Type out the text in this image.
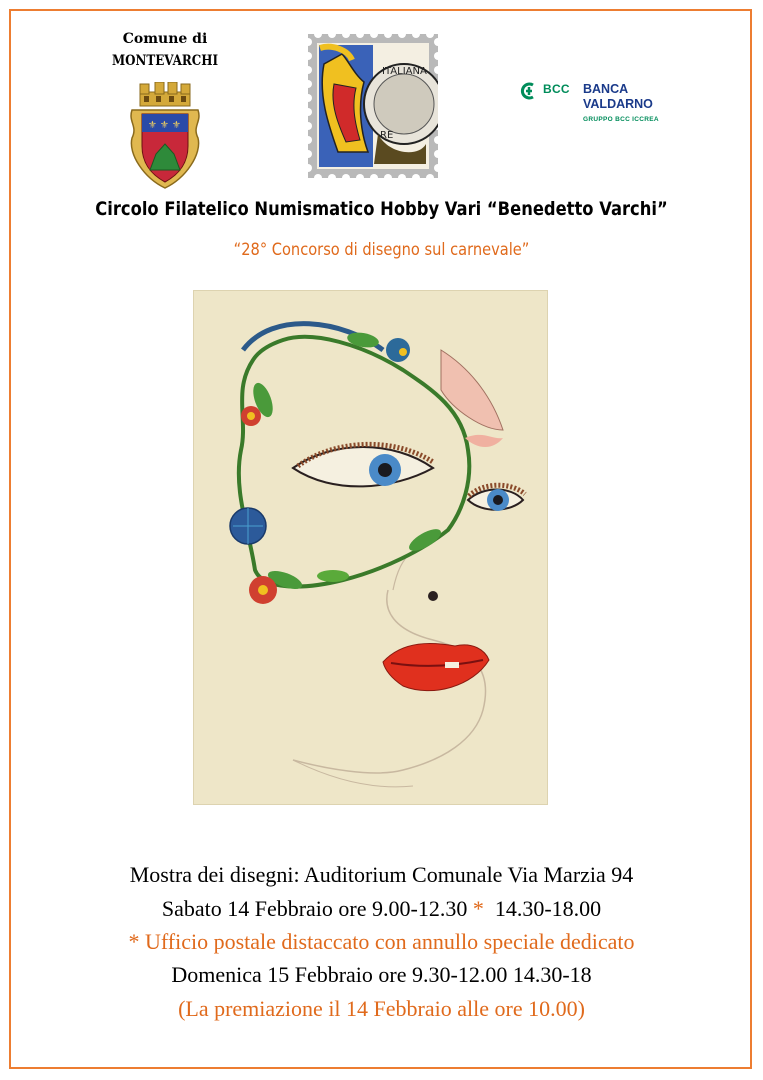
Comune di
MONTEVARCHI
⚜ ⚜ ⚜
ITALIANA
RE
BCC BANCA
VALDARNO
GRUPPO BCC ICCREA
Circolo Filatelico Numismatico Hobby Vari “Benedetto Varchi”
“28° Concorso di disegno sul carnevale”
Mostra dei disegni: Auditorium Comunale Via Marzia 94
Sabato 14 Febbraio ore 9.00-12.30 *  14.30-18.00
* Ufficio postale distaccato con annullo speciale dedicato
Domenica 15 Febbraio ore 9.30-12.00 14.30-18
(La premiazione il 14 Febbraio alle ore 10.00)
